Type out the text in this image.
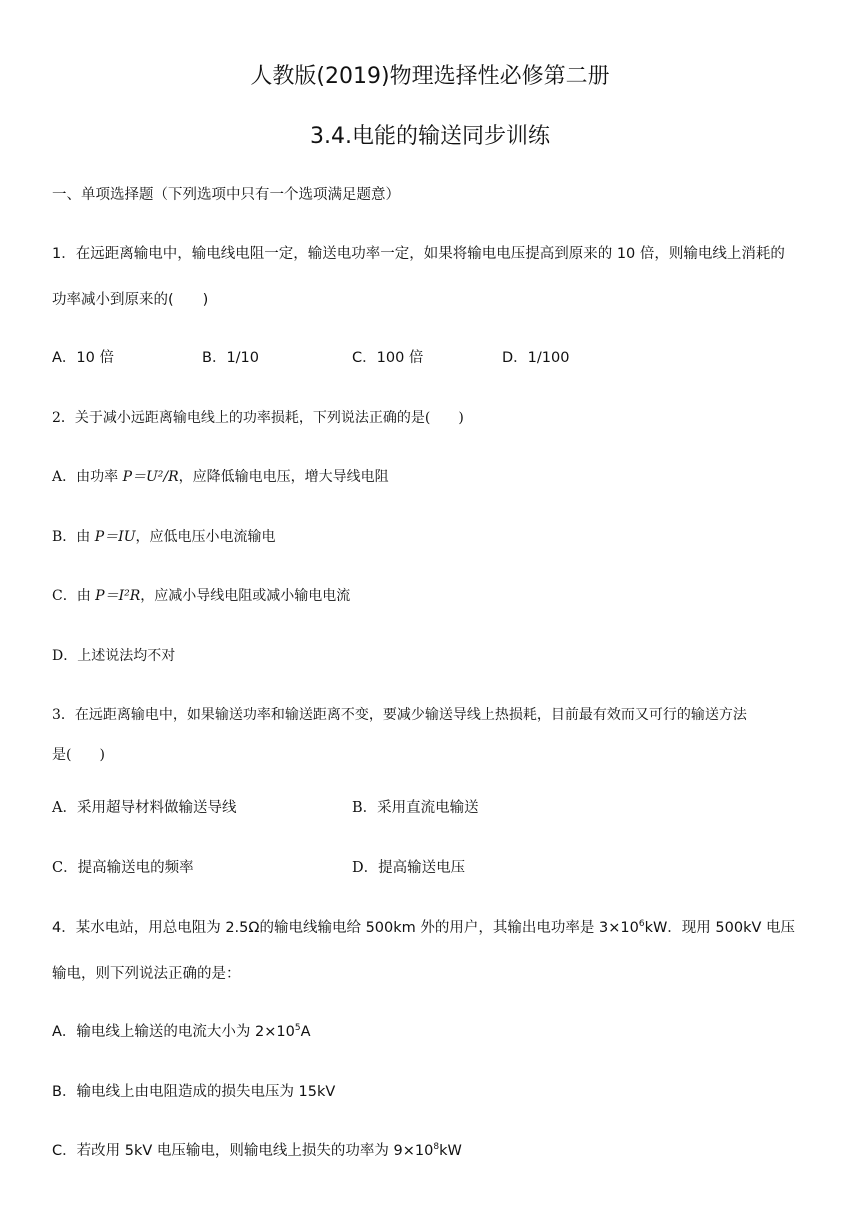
人教版(2019)物理选择性必修第二册
3.4.电能的输送同步训练
一、单项选择题（下列选项中只有一个选项满足题意）
1．在远距离输电中，输电线电阻一定，输送电功率一定，如果将输电电压提高到原来的 10 倍，则输电线上消耗的
功率减小到原来的(　　)
A．10 倍	B．1/10	C．100 倍	D．1/100
2．关于减小远距离输电线上的功率损耗，下列说法正确的是(　　)
A．由功率 P＝U²/R，应降低输电电压，增大导线电阻
B．由 P＝IU，应低电压小电流输电
C．由 P＝I²R，应减小导线电阻或减小输电电流
D．上述说法均不对
3．在远距离输电中，如果输送功率和输送距离不变，要减少输送导线上热损耗，目前最有效而又可行的输送方法
是(　　)
A．采用超导材料做输送导线	B．采用直流电输送
C．提高输送电的频率	D．提高输送电压
4．某水电站，用总电阻为 2.5Ω的输电线输电给 500km 外的用户，其输出电功率是 $3\times 10^6kW$．现用 500kV 电压
输电，则下列说法正确的是：
A．输电线上输送的电流大小为 $2\times 10^5A$
B．输电线上由电阻造成的损失电压为 15kV
C．若改用 5kV 电压输电，则输电线上损失的功率为 $9\times 10^8kW$
